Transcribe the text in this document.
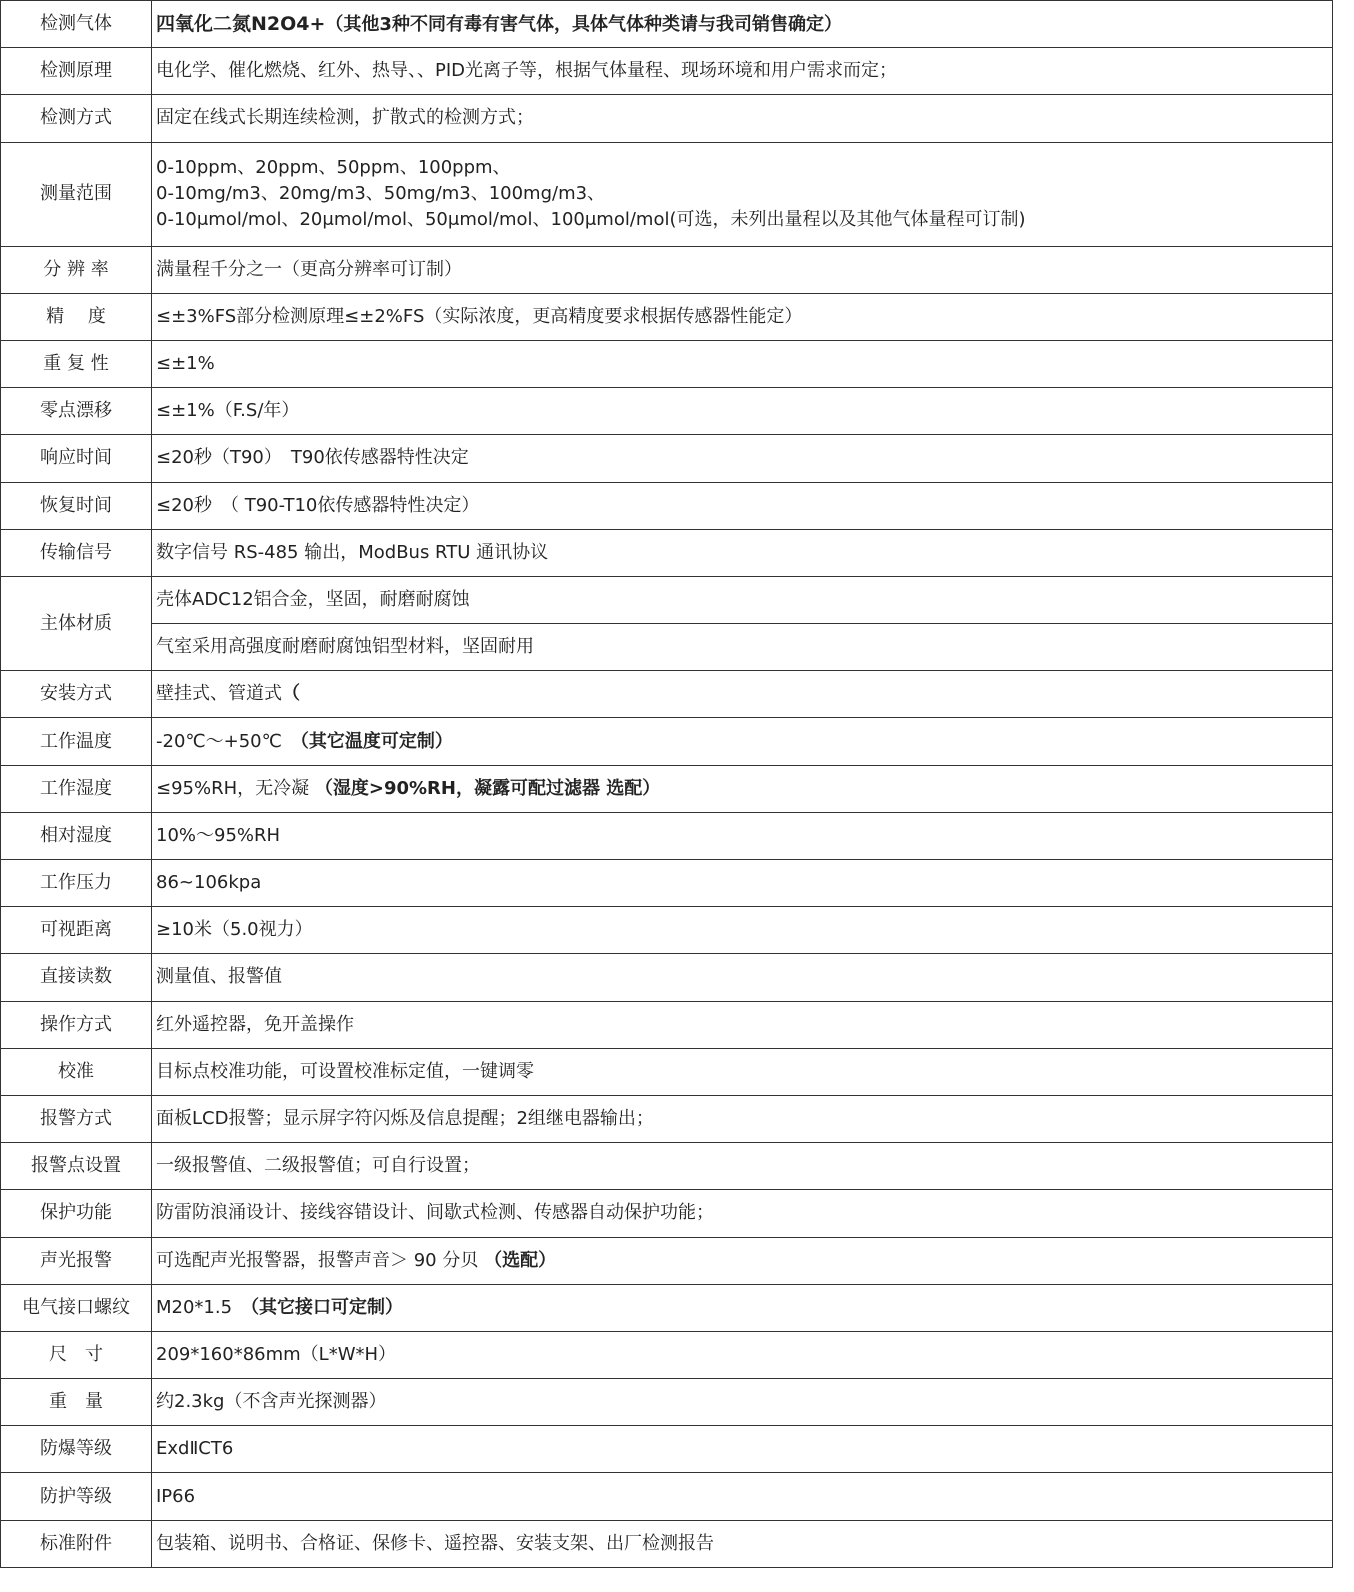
检测气体	四氧化二氮N2O4+（其他3种不同有毒有害气体，具体气体种类请与我司销售确定）
检测原理	电化学、催化燃烧、红外、热导、、PID光离子等，根据气体量程、现场环境和用户需求而定；
检测方式	固定在线式长期连续检测，扩散式的检测方式；
测量范围	0-10ppm、20ppm、50ppm、100ppm、
0-10mg/m3、20mg/m3、50mg/m3、100mg/m3、
0-10μmol/mol、20μmol/mol、50μmol/mol、100μmol/mol(可选，未列出量程以及其他气体量程可订制)

分 辨 率	满量程千分之一（更高分辨率可订制）
精　 度	≤±3%FS部分检测原理≤±2%FS（实际浓度，更高精度要求根据传感器性能定）
重 复 性	≤±1%
零点漂移	≤±1%（F.S/年）
响应时间	≤20秒（T90）　T90依传感器特性决定
恢复时间	≤20秒　（ T90-T10依传感器特性决定）
传输信号	数字信号 RS-485 输出，ModBus RTU 通讯协议
主体材质	壳体ADC12铝合金，坚固，耐磨耐腐蚀
	气室采用高强度耐磨耐腐蚀铝型材料，坚固耐用
安装方式	壁挂式、管道式（
工作温度	-20℃～+50℃　（其它温度可定制）
工作湿度	≤95%RH，无冷凝 （湿度>90%RH，凝露可配过滤器 选配）
相对湿度	10%～95%RH
工作压力	86~106kpa
可视距离	≥10米（5.0视力）
直接读数	测量值、报警值
操作方式	红外遥控器，免开盖操作
校准	目标点校准功能，可设置校准标定值，一键调零
报警方式	面板LCD报警；显示屏字符闪烁及信息提醒；2组继电器输出；
报警点设置	一级报警值、二级报警值；可自行设置；
保护功能	防雷防浪涌设计、接线容错设计、间歇式检测、传感器自动保护功能；
声光报警	可选配声光报警器，报警声音＞ 90 分贝 （选配）
电气接口螺纹	M20*1.5　（其它接口可定制）
尺　寸	209*160*86mm（L*W*H）
重　量	约2.3kg（不含声光探测器）
防爆等级	ExdⅡCT6
防护等级	IP66
标准附件	包装箱、说明书、合格证、保修卡、遥控器、安装支架、出厂检测报告
